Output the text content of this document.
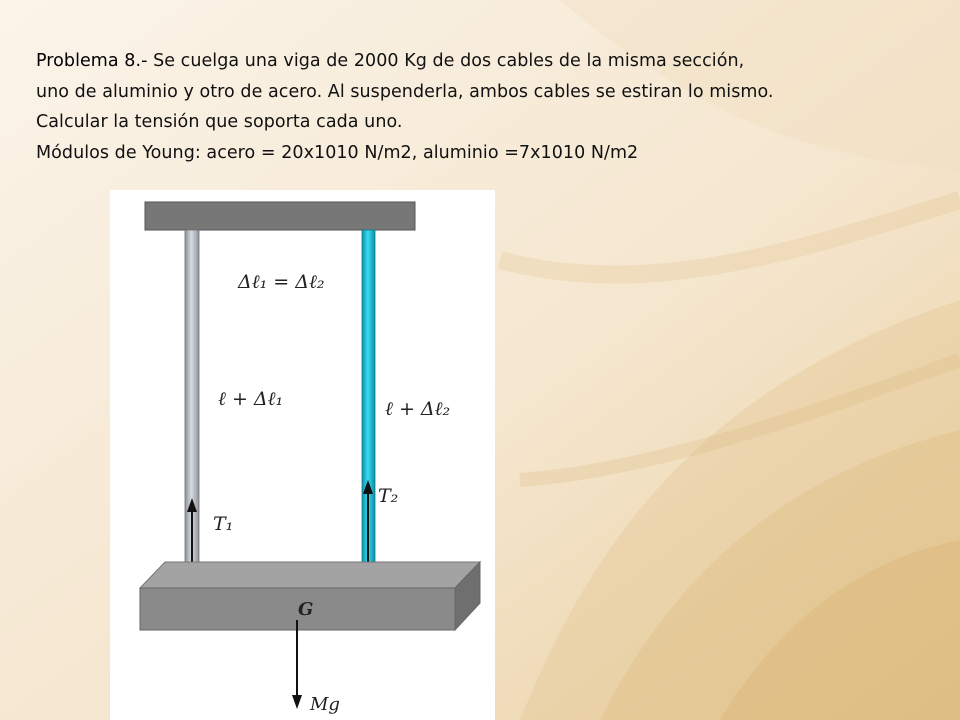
Problema 8.- Se cuelga una viga de 2000 Kg de dos cables de la misma sección,
uno de aluminio y otro de acero. Al suspenderla, ambos cables se estiran lo mismo.
Calcular la tensión que soporta cada uno.
Módulos de Young: acero = 20x1010 N/m2, aluminio =7x1010 N/m2
Δℓ₁ = Δℓ₂
ℓ + Δℓ₁	ℓ + Δℓ₂
T₁
T₂
G
Mg
